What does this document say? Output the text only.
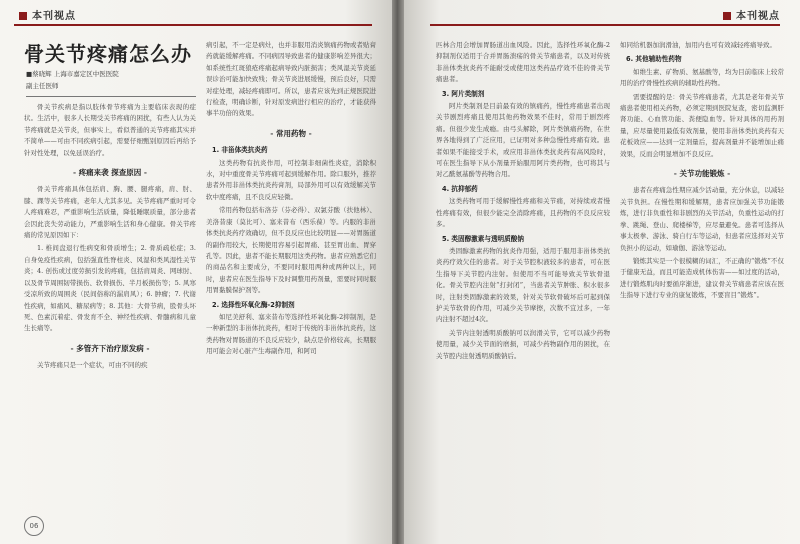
本刊视点
骨关节疼痛怎么办
■蔡晓辉 上海市嘉定区中医医院
副主任医师

骨关节疾病是指以肢体骨节疼痛为主要临床表现的症状。生活中，很多人长期受关节疼痛的困扰，有些人认为关节疼痛就是关节炎，但事实上，看似普通的关节疼痛其实并不简单——可由不同疾病引起，需要仔细甄别原因后再给予针对性处理，以免延误治疗。

- 疼痛来袭 探查原因 -

骨关节疼痛具体包括肩、胸、腰、腿疼痛，肩、肘、膝、踝等关节疼痛，老年人尤其多见。关节疼痛严重时可令人疼痛难忍，严重影响生活质量，降低睡眠质量，部分患者会因此丧失劳动能力，严重影响生活和身心健康。骨关节疼痛的常见原因如下：

1. 椎间盘退行性病变和骨质增生；2. 骨质疏松症；3. 自身免疫性疾病，包括强直性脊柱炎、风湿和类风湿性关节炎；4. 创伤或过度劳损引发的疼痛，包括肩周炎、网球肘、以及骨节周围韧带损伤、软骨损伤、半月板损伤等；5. 风寒受凉所致的周围炎（民间俗称的漏肩风）；6. 肿瘤；7. 代谢性疾病，如痛风、糖尿病等；8. 其他：大骨节病，股骨头坏死、色素沉着症、骨发育不全、神经性疾病、骨髓病和儿童生长痛等。

- 多管齐下治疗原发病 -

关节疼痛只是一个症状，可由不同的疾

病引起，不一定是病灶，也并非服用消炎镇痛药物或者贴膏药就能缓解疼痛。不同病因导致患者的健康影响差异很大；如系统性红斑狼疮疼痛起病导致内脏损害；类风湿关节炎延误诊治可能加快致残；骨关节炎进展缓慢，预后良好，只需对症处理，减轻疼痛即可。所以，患者应该先到正规医院进行检查，明确诊断，针对原发病进行相应的治疗，才能获得事半功倍的效果。

- 常用药物 -
1. 非甾体类抗炎药

这类药物有抗炎作用，可控制非细菌性炎症，消除积水，对中重度骨关节疼痛可起到缓解作用。除口服外，推荐患者外用非甾体类抗炎药膏剂，局部外用可以有效缓解关节软中度疼痛，且不良反应轻微。

常用药物包括布洛芬（芬必得）、双氯芬酸（扶他林）、美洛昔康（莫比可）、塞来昔布（西乐葆）等。内服的非甾体类抗炎药疗效确切，但不良反应也比较明显——对胃肠道的副作用较大，长期使用容易引起胃痛、甚至胃出血、胃穿孔等。因此，患者不能长期服用这类药物。患者应熟悉它们的商品名和主要成分，不要同时服用两种或两种以上，同时，患者应在医生指导下及时调整用药剂量，需要时同时服用胃黏膜保护剂等。

2. 选择性环氧化酶-2抑制剂

如尼美舒利、塞来昔布等选择性环氧化酶-2抑制剂，是一种新型的非甾体抗炎药，相对于传统的非甾体抗炎药，这类药物对胃肠道的不良反应较少，缺点是价格较高，长期服用可能会对心脏产生毒副作用，和阿司

06
本刊视点

匹林合用会增加胃肠道出血风险。因此，选择性环氧化酶-2抑制剂仅适用于合并胃肠溃疡的骨关节痛患者，以及对传统非甾体类抗炎药不能耐受或使用这类药品疗效不佳的骨关节痛患者。

3. 阿片类制剂

阿片类制剂是目前最有效的镇痛药，慢性疼痛患者出现关节剧烈疼痛且使用其他药物效果不佳时，常用于剧烈疼痛。但很少发生成瘾。由弓头解除，阿片类镇痛药物，在世界各地得到了广泛应用，已证明对多种急慢性疼痛有效。患者如果不能接受手术，或应用非甾体类抗炎药有高风险时，可在医生指导下从小剂量开始服用阿片类药物，也可将其与对乙酰氨基酚等药物合用。

4. 抗抑郁药

这类药物可用于缓解慢性疼痛和关节痛，对持续或者慢性疼痛有效，但很少能完全消除疼痛，且药物的不良反应较多。

5. 类固醇激素与透明质酸钠

类固醇激素药物的抗炎作用强，适用于服用非甾体类抗炎药疗效欠佳的患者。对于关节腔积液较多的患者，可在医生指导下关节腔内注射。但使用不当可能导致关节软骨退化。骨关节腔内注射“打封闭”，当患者关节肿胀、积水很多时，注射类固醇激素的效果，针对关节软骨破坏后可起到保护关节软骨的作用，可减少关节摩擦，次数不宜过多，一年内注射不超过4次。

关节内注射透明质酸钠可以润滑关节，它可以减少药物使用量，减少关节面的磨损，可减少药物副作用的困扰，在关节腔内注射透明质酸钠后。

如同给机器加润滑油，加用内也可有效减轻疼痛导致。

6. 其他辅助性药物

如维生素、矿物质、氨基酸等，均为目前临床上较常用的治疗骨慢性疾病的辅助性药物。

需要提醒的是：骨关节疼痛患者，尤其是老年骨关节痛患者使用相关药物，必须定期到医院复查，密切监测肝肾功能、心血管功能、粪便隐血等。针对具体的用药剂量，应尽量使用最低有效剂量，使用非甾体类抗炎药有天花板效应——达到一定剂量后，提高剂量并不能增加止痛效果，反而会明显增加不良反应。

- 关节功能锻炼 -

患者在疼痛急性期应减少活动量，充分休息，以减轻关节负担。在慢性期和缓解期，患者应加强关节功能锻炼，进行非负重性和非剧烈的关节活动，负重性运动的打拳、跳绳、登山、爬楼梯等，应尽量避免。患者可选择从事太极拳、游泳、骑自行车等运动，但患者应选择对关节负担小的运动，如瑜伽、游泳等运动。

锻炼其实是一个很模糊的词汇，不正确的“锻炼”不仅于健康无益，而且可能造成机体伤害——如过度的活动，进行锻炼肌肉时要循序渐进，建议骨关节痛患者应该在医生指导下进行专业的康复锻炼，不要盲目“锻炼”。
